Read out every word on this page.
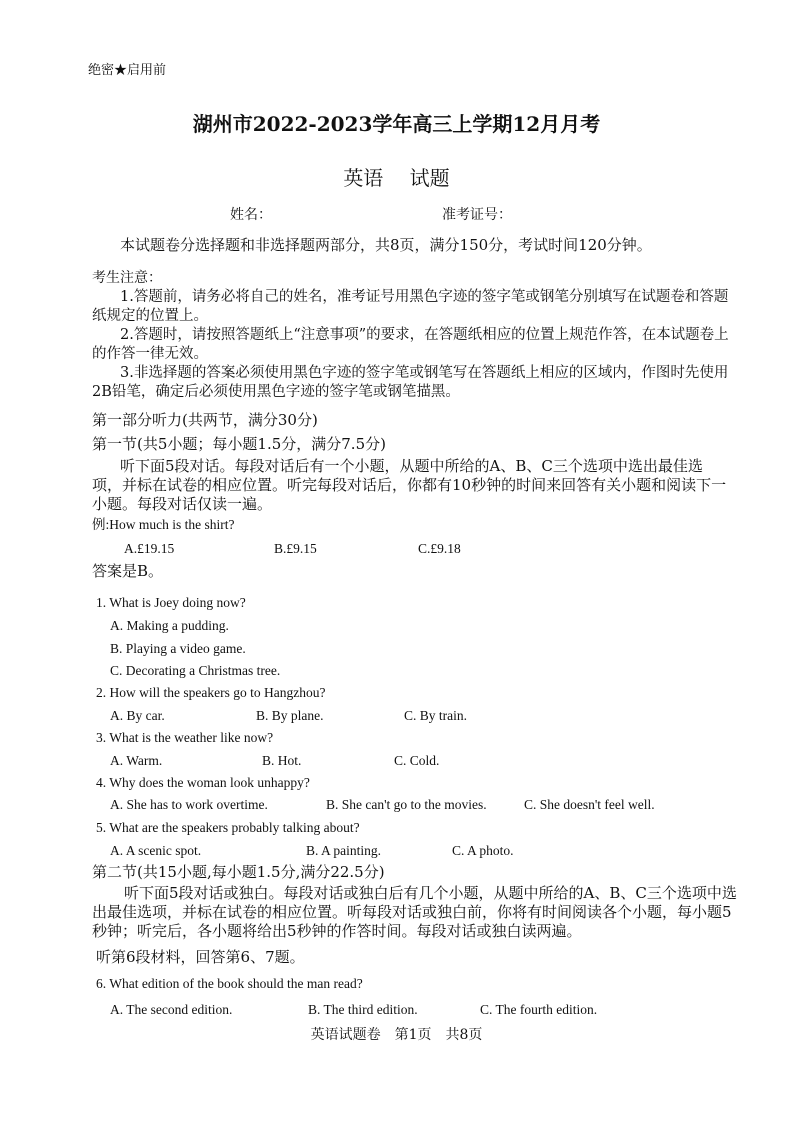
绝密★启用前
湖州市2022-2023学年高三上学期12月月考
英语　 试题
姓名：	准考证号：
本试题卷分选择题和非选择题两部分，共8页，满分150分，考试时间120分钟。
考生注意：
1.答题前，请务必将自己的姓名，准考证号用黑色字迹的签字笔或钢笔分别填写在试题卷和答题纸规定的位置上。
2.答题时，请按照答题纸上“注意事项”的要求，在答题纸相应的位置上规范作答，在本试题卷上的作答一律无效。
3.非选择题的答案必须使用黑色字迹的签字笔或钢笔写在答题纸上相应的区域内，作图时先使用2B铅笔，确定后必须使用黑色字迹的签字笔或钢笔描黑。
第一部分听力(共两节，满分30分)
第一节(共5小题；每小题1.5分，满分7.5分)
听下面5段对话。每段对话后有一个小题，从题中所给的A、B、C三个选项中选出最佳选项，并标在试卷的相应位置。听完每段对话后，你都有10秒钟的时间来回答有关小题和阅读下一小题。每段对话仅读一遍。
例:How much is the shirt?
A.£19.15	B.£9.15	C.£9.18
答案是B。
1. What is Joey doing now?
A. Making a pudding.
B. Playing a video game.
C. Decorating a Christmas tree.
2. How will the speakers go to Hangzhou?
A. By car.	B. By plane.	C. By train.
3. What is the weather like now?
A. Warm.	B. Hot.	C. Cold.
4. Why does the woman look unhappy?
A. She has to work overtime.	B. She can't go to the movies.	C. She doesn't feel well.
5. What are the speakers probably talking about?
A. A scenic spot.	B. A painting.	C. A photo.
第二节(共15小题,每小题1.5分,满分22.5分)
听下面5段对话或独白。每段对话或独白后有几个小题，从题中所给的A、B、C三个选项中选出最佳选项，并标在试卷的相应位置。听每段对话或独白前，你将有时间阅读各个小题，每小题5秒钟；听完后，各小题将给出5秒钟的作答时间。每段对话或独白读两遍。
听第6段材料，回答第6、7题。
6. What edition of the book should the man read?
A. The second edition.	B. The third edition.	C. The fourth edition.
英语试题卷　第1页　共8页
